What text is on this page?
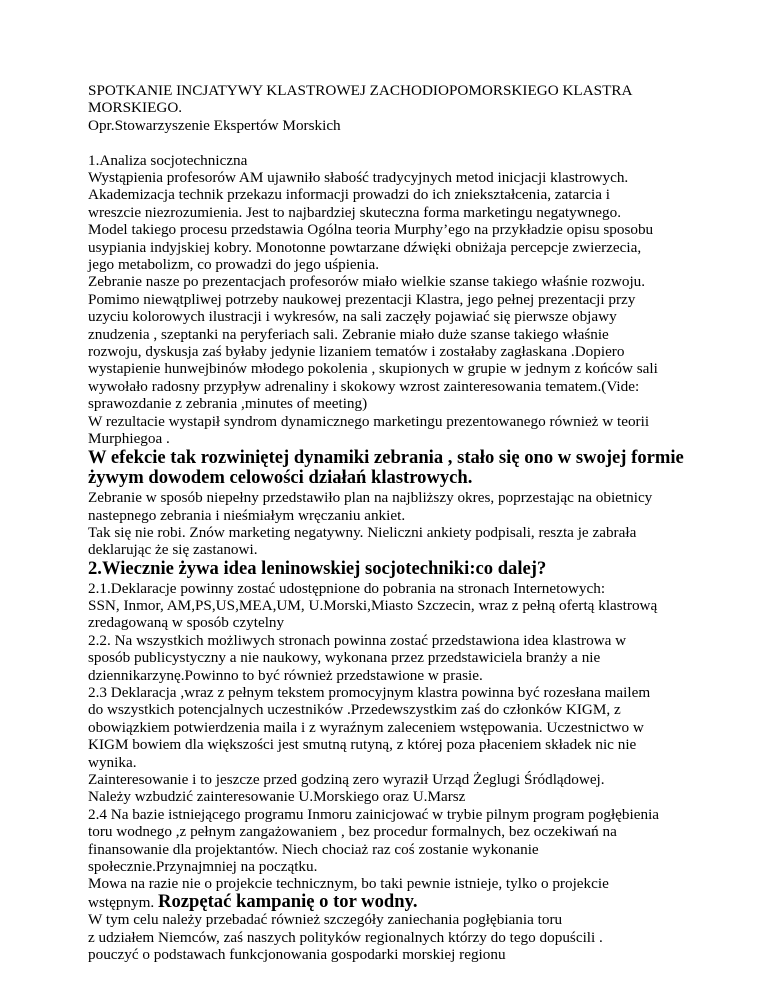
SPOTKANIE INCJATYWY KLASTROWEJ ZACHODIOPOMORSKIEGO KLASTRA
MORSKIEGO.
Opr.Stowarzyszenie Ekspertów Morskich
1.Analiza socjotechniczna
Wystąpienia profesorów AM ujawniło słabość tradycyjnych metod inicjacji klastrowych.
Akademizacja technik przekazu informacji prowadzi do ich zniekształcenia, zatarcia i
wreszcie niezrozumienia. Jest to najbardziej skuteczna forma marketingu negatywnego.
Model takiego procesu przedstawia Ogólna teoria Murphy’ego na przykładzie opisu sposobu
usypiania indyjskiej kobry. Monotonne powtarzane dźwięki obniżaja percepcje zwierzecia,
jego metabolizm, co prowadzi do jego uśpienia.
Zebranie nasze po prezentacjach profesorów miało wielkie szanse takiego właśnie rozwoju.
Pomimo niewątpliwej potrzeby naukowej prezentacji Klastra, jego pełnej prezentacji przy
uzyciu kolorowych ilustracji i wykresów, na sali zaczęły pojawiać się pierwsze objawy
znudzenia , szeptanki na peryferiach sali. Zebranie miało duże szanse takiego właśnie
rozwoju, dyskusja zaś byłaby jedynie lizaniem tematów i zostałaby zagłaskana .Dopiero
wystapienie hunwejbinów młodego pokolenia , skupionych w grupie w jednym z końców sali
wywołało radosny przypływ adrenaliny i skokowy wzrost zainteresowania tematem.(Vide:
sprawozdanie z zebrania ,minutes of meeting)
W rezultacie wystapił syndrom dynamicznego marketingu prezentowanego również w teorii
Murphiegoa .
W efekcie tak rozwiniętej dynamiki zebrania , stało się ono w swojej formie
żywym dowodem celowości działań klastrowych.
Zebranie w sposób niepełny przedstawiło plan na najbliższy okres, poprzestając na obietnicy
nastepnego zebrania i nieśmiałym wręczaniu ankiet.
Tak się nie robi. Znów marketing negatywny. Nieliczni ankiety podpisali, reszta je zabrała
deklarując że się zastanowi.
2.Wiecznie żywa idea leninowskiej socjotechniki:co dalej?
2.1.Deklaracje powinny zostać udostępnione do pobrania na stronach Internetowych:
SSN, Inmor, AM,PS,US,MEA,UM, U.Morski,Miasto Szczecin, wraz z pełną ofertą klastrową
zredagowaną w sposób czytelny
2.2. Na wszystkich możliwych stronach powinna zostać przedstawiona idea klastrowa w
sposób publicystyczny a nie naukowy, wykonana przez przedstawiciela branży a nie
dziennikarzynę.Powinno to być również przedstawione w prasie.
2.3 Deklaracja ,wraz z pełnym tekstem promocyjnym klastra powinna być rozesłana mailem
do wszystkich potencjalnych uczestników .Przedewszystkim zaś do członków KIGM, z
obowiązkiem potwierdzenia maila i z wyraźnym zaleceniem wstępowania. Uczestnictwo w
KIGM bowiem dla większości jest smutną rutyną, z której poza płaceniem składek nic nie
wynika.
Zainteresowanie i to jeszcze przed godziną zero wyraził Urząd Żeglugi Śródlądowej.
Należy wzbudzić zainteresowanie U.Morskiego oraz U.Marsz
2.4 Na bazie istniejącego programu Inmoru zainicjować w trybie pilnym program pogłębienia
toru wodnego ,z pełnym zangażowaniem , bez procedur formalnych, bez oczekiwań na
finansowanie dla projektantów. Niech chociaż raz coś zostanie wykonanie
społecznie.Przynajmniej na początku.
Mowa na razie nie o projekcie technicznym, bo taki pewnie istnieje, tylko o projekcie
wstępnym. Rozpętać kampanię o tor wodny.
W tym celu należy przebadać również szczegóły zaniechania pogłębiania toru
z udziałem Niemców, zaś naszych polityków regionalnych którzy do tego dopuścili .
pouczyć o podstawach funkcjonowania gospodarki morskiej regionu
